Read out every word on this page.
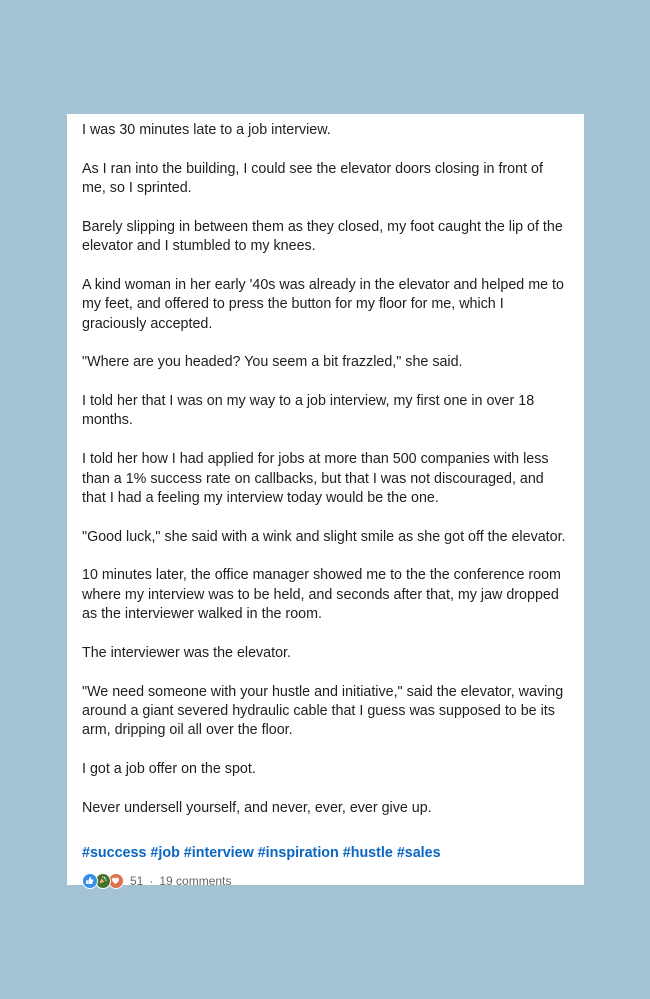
I was 30 minutes late to a job interview.

As I ran into the building, I could see the elevator doors closing in front of me, so I sprinted.

Barely slipping in between them as they closed, my foot caught the lip of the elevator and I stumbled to my knees.

A kind woman in her early '40s was already in the elevator and helped me to my feet, and offered to press the button for my floor for me, which I graciously accepted.

"Where are you headed? You seem a bit frazzled," she said.

I told her that I was on my way to a job interview, my first one in over 18 months.

I told her how I had applied for jobs at more than 500 companies with less than a 1% success rate on callbacks, but that I was not discouraged, and that I had a feeling my interview today would be the one.

"Good luck," she said with a wink and slight smile as she got off the elevator.

10 minutes later, the office manager showed me to the the conference room where my interview was to be held, and seconds after that, my jaw dropped as the interviewer walked in the room.

The interviewer was the elevator.

"We need someone with your hustle and initiative," said the elevator, waving around a giant severed hydraulic cable that I guess was supposed to be its arm, dripping oil all over the floor.

I got a job offer on the spot.

Never undersell yourself, and never, ever, ever give up.

#success #job #interview #inspiration #hustle #sales
51 · 19 comments
